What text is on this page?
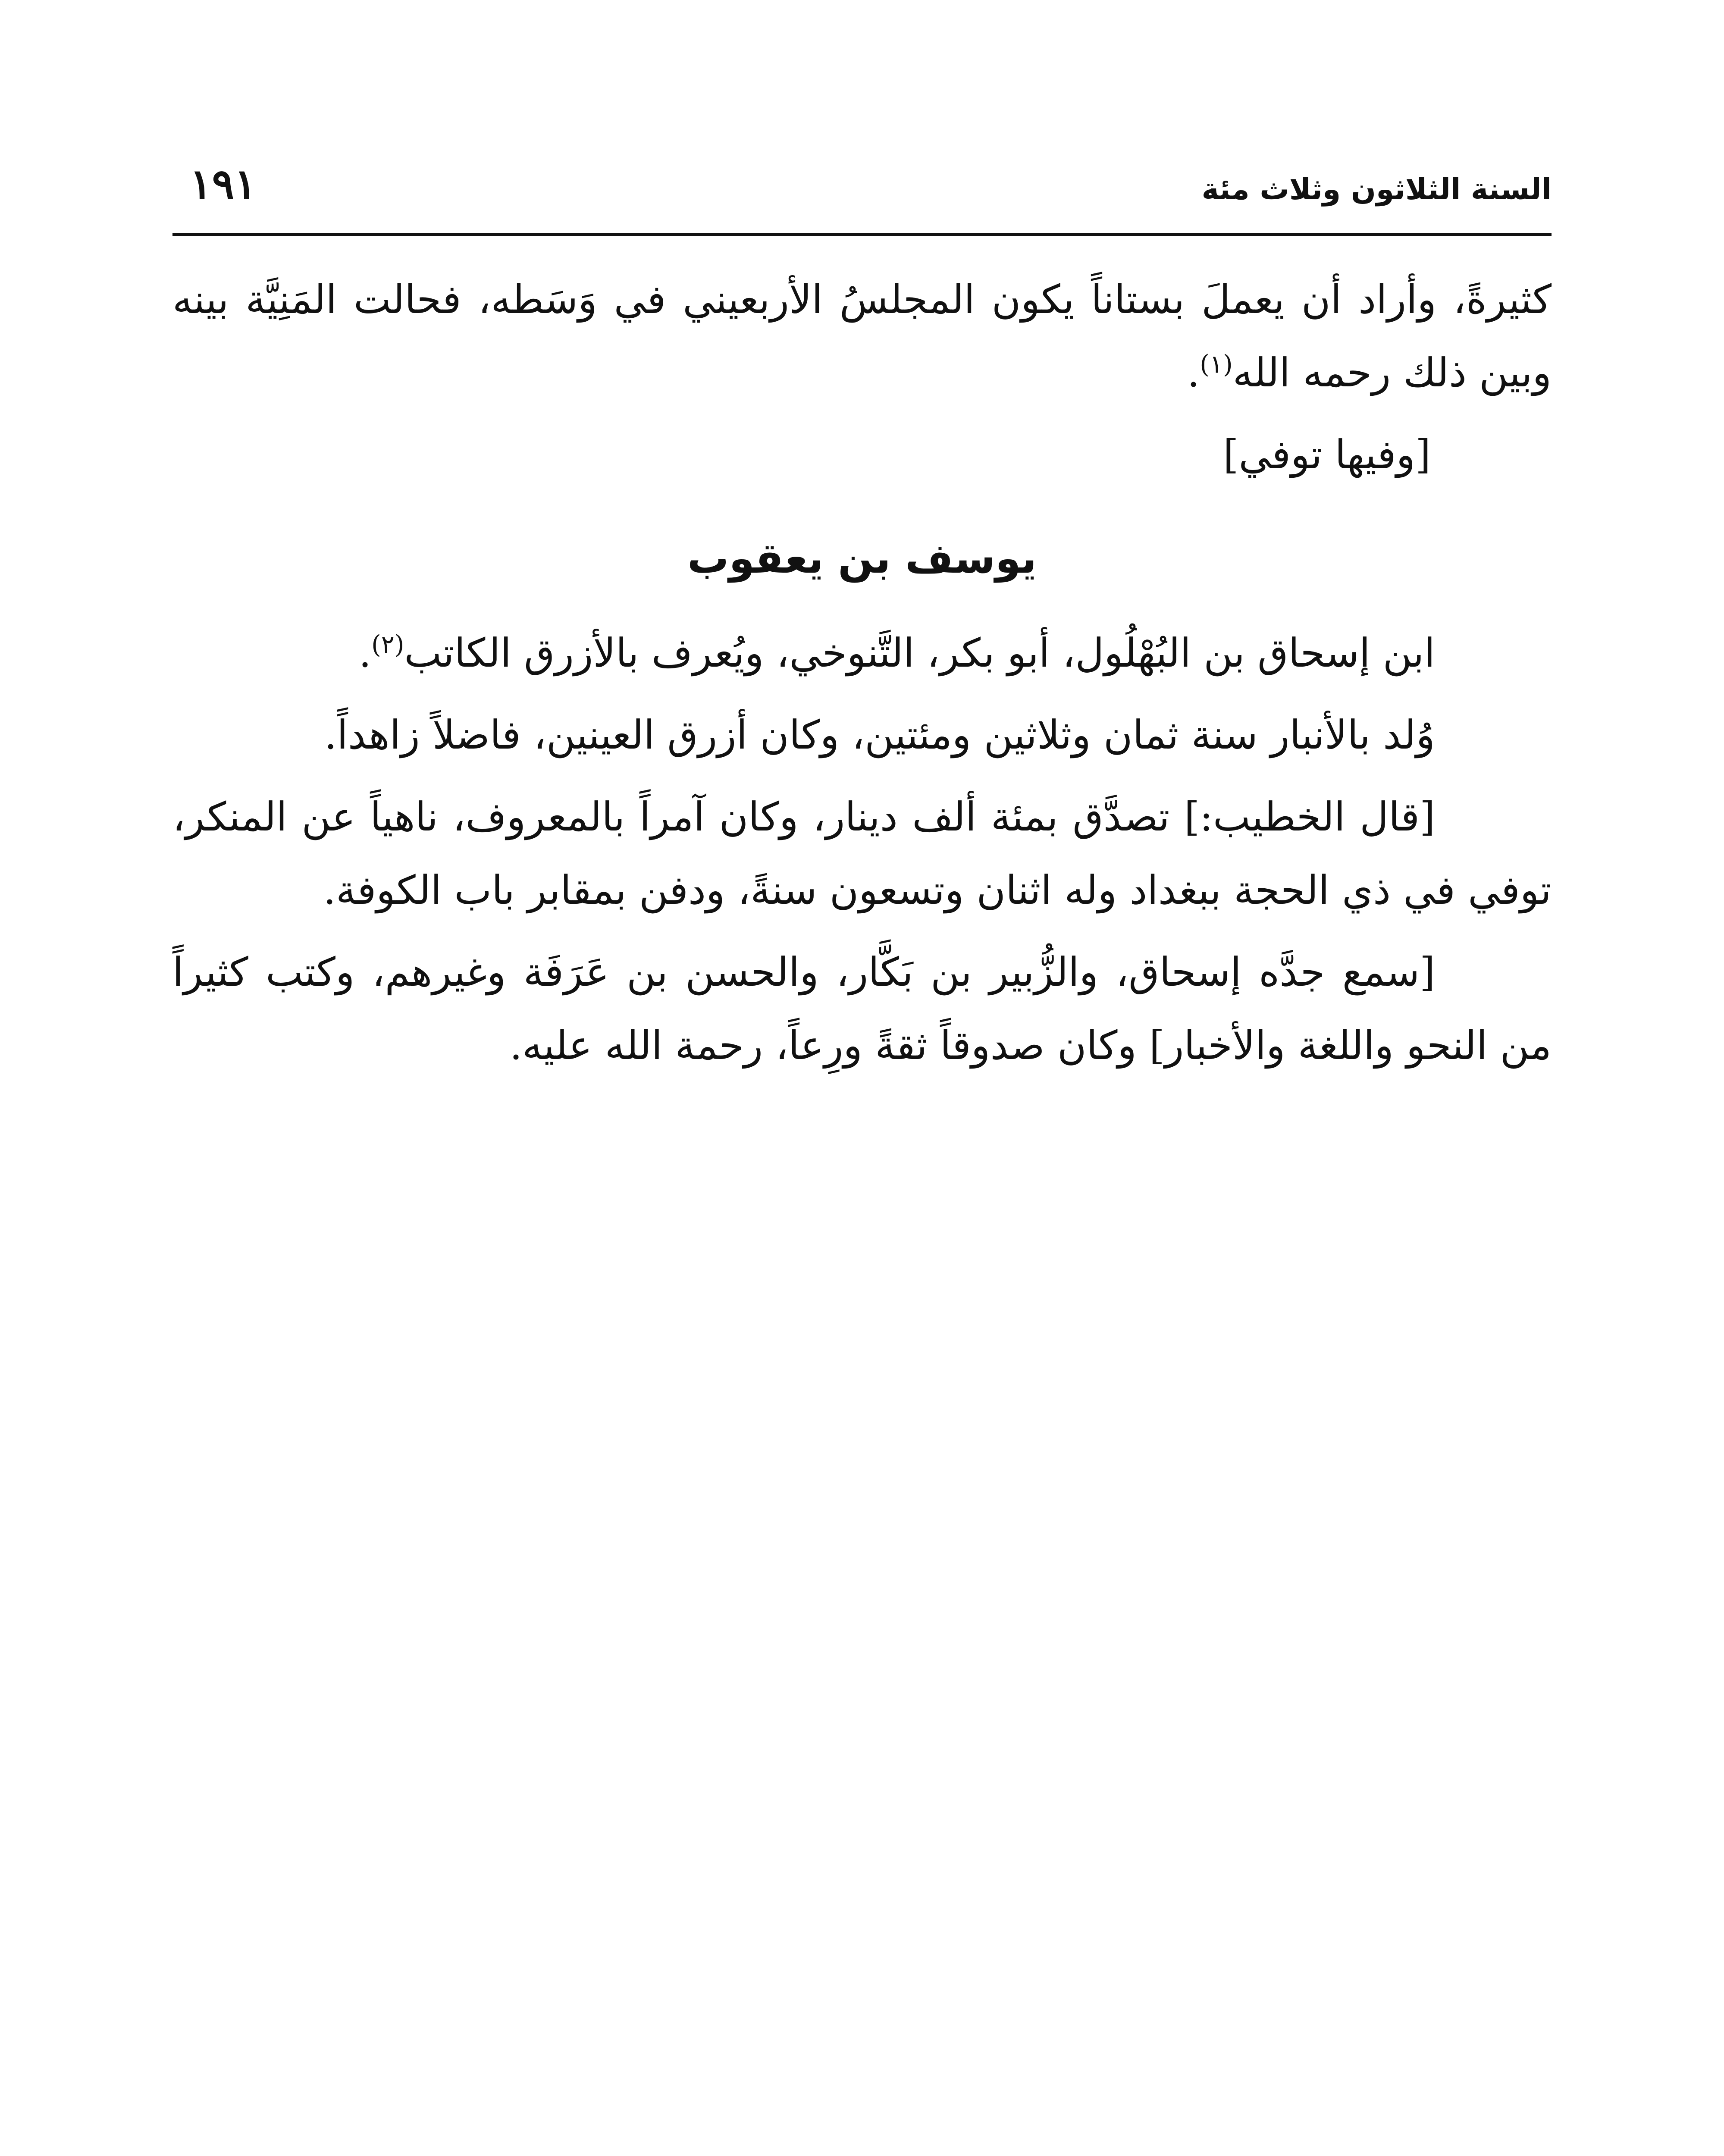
السنة الثلاثون وثلاث مئة
١٩١

كثيرةً، وأراد أن يعملَ بستاناً يكون المجلسُ الأربعيني في وَسَطه، فحالت المَنِيَّة بينه وبين ذلك رحمه الله$^{(١)}$.

[وفيها توفي]

يوسف بن يعقوب

ابن إسحاق بن البُهْلُول، أبو بكر، التَّنوخي، ويُعرف بالأزرق الكاتب$^{(٢)}$.

وُلد بالأنبار سنة ثمان وثلاثين ومئتين، وكان أزرق العينين، فاضلاً زاهداً.

[قال الخطيب:] تصدَّق بمئة ألف دينار، وكان آمراً بالمعروف، ناهياً عن المنكر، توفي في ذي الحجة ببغداد وله اثنان وتسعون سنةً، ودفن بمقابر باب الكوفة.

[سمع جدَّه إسحاق، والزُّبير بن بَكَّار، والحسن بن عَرَفَة وغيرهم، وكتب كثيراً من النحو واللغة والأخبار] وكان صدوقاً ثقةً ورِعاً، رحمة الله عليه.
